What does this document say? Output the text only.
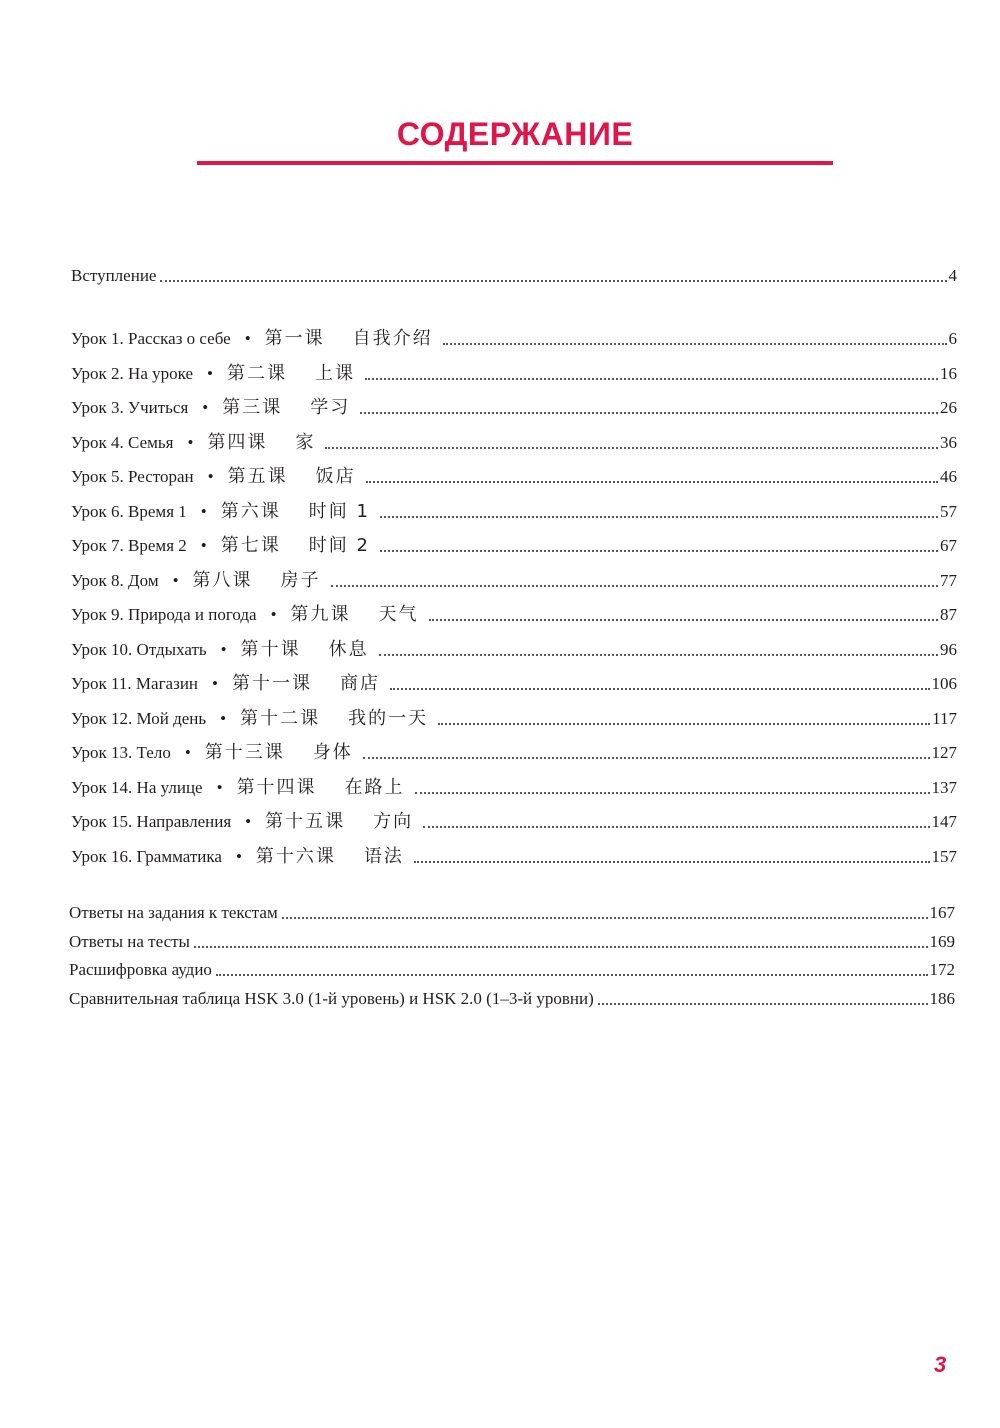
СОДЕРЖАНИЕ
Вступление	4
Урок 1. Рассказ о себе • 第一课 自我介绍	6
Урок 2. На уроке • 第二课 上课	16
Урок 3. Учиться • 第三课 学习	26
Урок 4. Семья • 第四课 家	36
Урок 5. Ресторан • 第五课 饭店	46
Урок 6. Время 1 • 第六课 时间 1	57
Урок 7. Время 2 • 第七课 时间 2	67
Урок 8. Дом • 第八课 房子	77
Урок 9. Природа и погода • 第九课 天气	87
Урок 10. Отдыхать • 第十课 休息	96
Урок 11. Магазин • 第十一课 商店	106
Урок 12. Мой день • 第十二课 我的一天	117
Урок 13. Тело • 第十三课 身体	127
Урок 14. На улице • 第十四课 在路上	137
Урок 15. Направления • 第十五课 方向	147
Урок 16. Грамматика • 第十六课 语法	157
Ответы на задания к текстам	167
Ответы на тесты	169
Расшифровка аудио	172
Сравнительная таблица HSK 3.0 (1-й уровень) и HSK 2.0 (1–3-й уровни)	186
3
